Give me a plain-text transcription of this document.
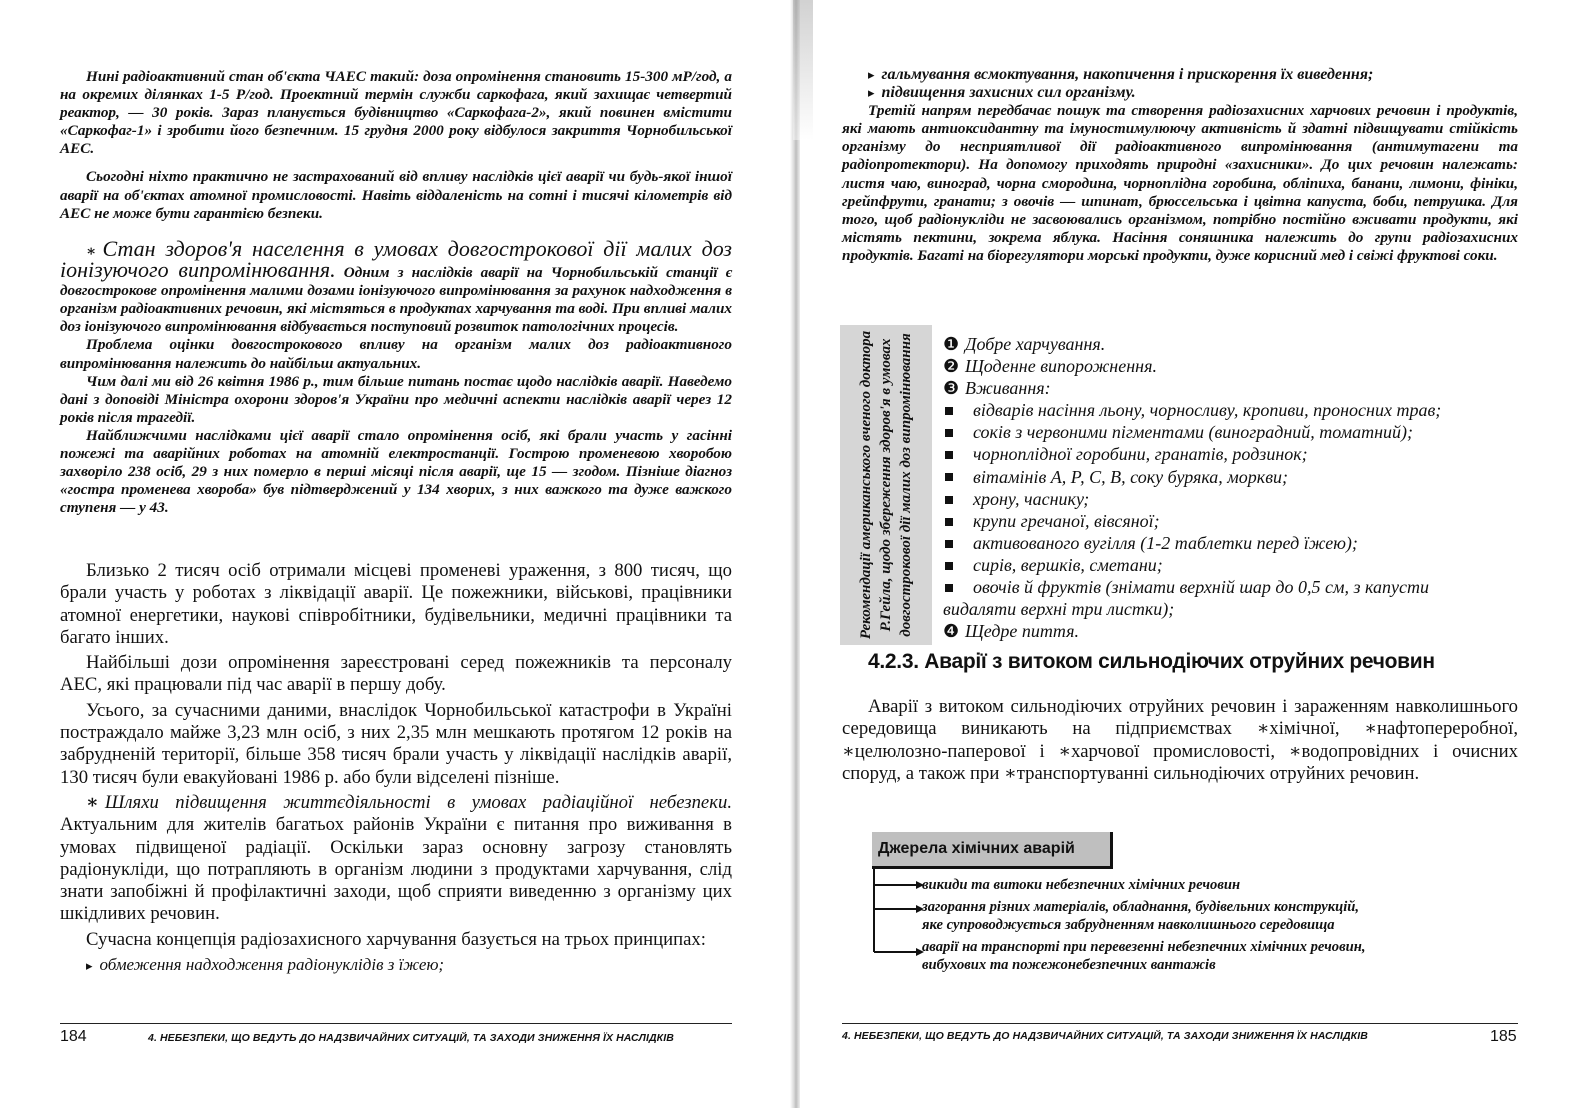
Нині радіоактивний стан об'єкта ЧАЕС такий: доза опромінення становить 15-300 мР/год, а на окремих ділянках 1-5 Р/год. Проектний термін служби саркофага, який захищає четвертий реактор, — 30 років. Зараз планується будівництво «Саркофага-2», який повинен вмістити «Саркофаг-1» і зробити його безпечним. 15 грудня 2000 року відбулося закриття Чорнобильської АЕС.

Сьогодні ніхто практично не застрахований від впливу наслідків цієї аварії чи будь-якої іншої аварії на об'єктах атомної промисловості. Навіть віддаленість на сотні і тисячі кілометрів від АЕС не може бути гарантією безпеки.

∗ Стан здоров'я населення в умовах довгострокової дії малих доз іонізуючого випромінювання. Одним з наслідків аварії на Чорнобильській станції є довгострокове опромінення малими дозами іонізуючого випромінювання за рахунок надходження в організм радіоактивних речовин, які містяться в продуктах харчування та воді. При впливі малих доз іонізуючого випромінювання відбувається поступовий розвиток патологічних процесів.

Проблема оцінки довгострокового впливу на організм малих доз радіоактивного випромінювання належить до найбільш актуальних.

Чим далі ми від 26 квітня 1986 р., тим більше питань постає щодо наслідків аварії. Наведемо дані з доповіді Міністра охорони здоров'я України про медичні аспекти наслідків аварії через 12 років після трагедії.

Найближчими наслідками цієї аварії стало опромінення осіб, які брали участь у гасінні пожежі та аварійних роботах на атомній електростанції. Гострою променевою хворобою захворіло 238 осіб, 29 з них померло в перші місяці після аварії, ще 15 — згодом. Пізніше діагноз «гостра променева хвороба» був підтверджений у 134 хворих, з них важкого та дуже важкого ступеня — у 43.

Близько 2 тисяч осіб отримали місцеві променеві ураження, з 800 тисяч, що брали участь у роботах з ліквідації аварії. Це пожежники, військові, працівники атомної енергетики, наукові співробітники, будівельники, медичні працівники та багато інших.

Найбільші дози опромінення зареєстровані серед пожежників та персоналу АЕС, які працювали під час аварії в першу добу.

Усього, за сучасними даними, внаслідок Чорнобильської катастрофи в Україні постраждало майже 3,23 млн осіб, з них 2,35 млн мешкають протягом 12 років на забрудненій території, більше 358 тисяч брали участь у ліквідації наслідків аварії, 130 тисяч були евакуйовані 1986 р. або були відселені пізніше.

∗ Шляхи підвищення життєдіяльності в умовах радіаційної небезпеки. Актуальним для жителів багатьох районів України є питання про виживання в умовах підвищеної радіації. Оскільки зараз основну загрозу становлять радіонукліди, що потрапляють в організм людини з продуктами харчування, слід знати запобіжні й профілактичні заходи, щоб сприяти виведенню з організму цих шкідливих речовин.

Сучасна концепція радіозахисного харчування базується на трьох принципах:

▸ обмеження надходження радіонуклідів з їжею;

184	4. НЕБЕЗПЕКИ, ЩО ВЕДУТЬ ДО НАДЗВИЧАЙНИХ СИТУАЦІЙ, ТА ЗАХОДИ ЗНИЖЕННЯ ЇХ НАСЛІДКІВ

▸ гальмування всмоктування, накопичення і прискорення їх виведення;

▸ підвищення захисних сил організму.

Третій напрям передбачає пошук та створення радіозахисних харчових речовин і продуктів, які мають антиоксидантну та імуностимулюючу активність й здатні підвищувати стійкість організму до несприятливої дії радіоактивного випромінювання (антимутагени та радіопротектори). На допомогу приходять природні «захисники». До цих речовин належать: листя чаю, виноград, чорна смородина, чорноплідна горобина, обліпиха, банани, лимони, фініки, грейпфрути, гранати; з овочів — шпинат, брюссельська і цвітна капуста, боби, петрушка. Для того, щоб радіонукліди не засвоювались організмом, потрібно постійно вживати продукти, які містять пектини, зокрема яблука. Насіння соняшника належить до групи радіозахисних продуктів. Багаті на біорегулятори морські продукти, дуже корисний мед і свіжі фруктові соки.

Рекомендації американського вченого доктора Р.Гейла, щодо збереження здоров'я в умовах довгострокової дії малих доз випромінювання ❶ Добре харчування.
❷ Щоденне випорожнення.
❸ Вживання:
відварів насіння льону, чорносливу, кропиви, проносних трав;
соків з червоними пігментами (виноградний, томатний);
чорноплідної горобини, гранатів, родзинок;
вітамінів А, Р, С, В, соку буряка, моркви;
хрону, часнику;
крупи гречаної, вівсяної;
активованого вугілля (1-2 таблетки перед їжею);
сирів, вершків, сметани;
овочів й фруктів (знімати верхній шар до 0,5 см, з капусти
видаляти верхні три листки);
❹ Щедре пиття.
4.2.3. Аварії з витоком сильнодіючих отруйних речовин

Аварії з витоком сильнодіючих отруйних речовин і зараженням навколишнього середовища виникають на підприємствах ∗хімічної, ∗нафтопереробної, ∗целюлозно-паперової і ∗харчової промисловості, ∗водопровідних і очисних споруд, а також при ∗транспортуванні сильнодіючих отруйних речовин.

Джерела хімічних аварій
викиди та витоки небезпечних хімічних речовин
загорання різних матеріалів, обладнання, будівельних конструкцій,
яке супроводжується забрудненням навколишнього середовища
аварії на транспорті при перевезенні небезпечних хімічних речовин,
вибухових та пожежонебезпечних вантажів
4. НЕБЕЗПЕКИ, ЩО ВЕДУТЬ ДО НАДЗВИЧАЙНИХ СИТУАЦІЙ, ТА ЗАХОДИ ЗНИЖЕННЯ ЇХ НАСЛІДКІВ	185
